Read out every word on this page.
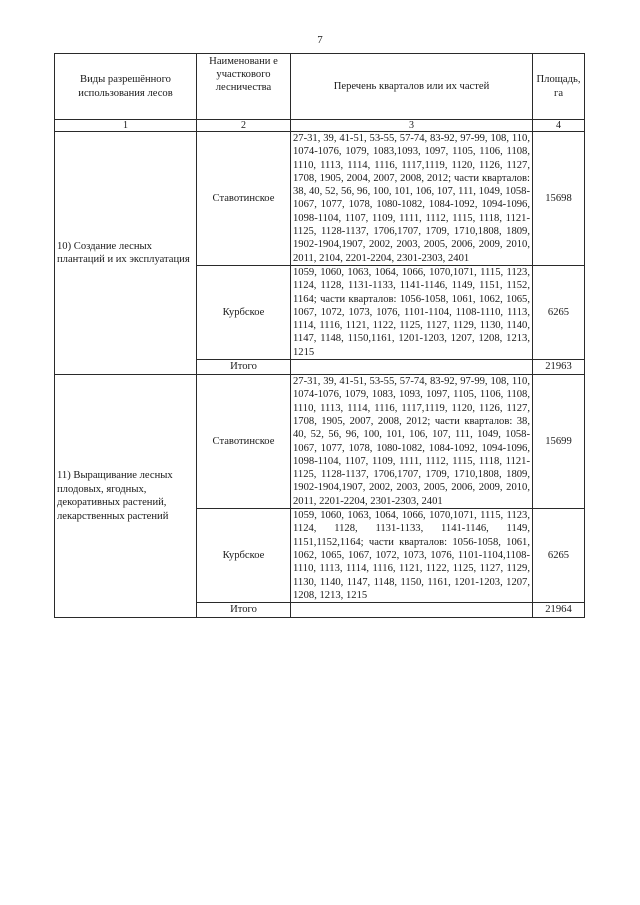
7
Виды разрешённого использования лесов	Наименовани е участкового лесничества	Перечень кварталов или их частей	Площадь, га
1	2	3	4
10) Создание лесных плантаций и их эксплуатация	Ставотинское	27-31, 39, 41-51, 53-55, 57-74, 83-92, 97-99, 108, 110, 1074-1076, 1079, 1083,1093, 1097, 1105, 1106, 1108, 1110, 1113, 1114, 1116, 1117,1119, 1120, 1126, 1127, 1708, 1905, 2004, 2007, 2008, 2012; части кварталов: 38, 40, 52, 56, 96, 100, 101, 106, 107, 111, 1049, 1058-1067, 1077, 1078, 1080-1082, 1084-1092, 1094-1096, 1098-1104, 1107, 1109, 1111, 1112, 1115, 1118, 1121-1125, 1128-1137, 1706,1707, 1709, 1710,1808, 1809, 1902-1904,1907, 2002, 2003, 2005, 2006, 2009, 2010, 2011, 2104, 2201-2204, 2301-2303, 2401	15698
	Курбское	1059, 1060, 1063, 1064, 1066, 1070,1071, 1115, 1123, 1124, 1128, 1131-1133, 1141-1146, 1149, 1151, 1152, 1164; части кварталов: 1056-1058, 1061, 1062, 1065, 1067, 1072, 1073, 1076, 1101-1104, 1108-1110, 1113, 1114, 1116, 1121, 1122, 1125, 1127, 1129, 1130, 1140, 1147, 1148, 1150,1161, 1201-1203, 1207, 1208, 1213, 1215	6265
	Итого		21963
11) Выращивание лесных плодовых, ягодных, декоративных растений, лекарственных растений	Ставотинское	27-31, 39, 41-51, 53-55, 57-74, 83-92, 97-99, 108, 110, 1074-1076, 1079, 1083, 1093, 1097, 1105, 1106, 1108, 1110, 1113, 1114, 1116, 1117,1119, 1120, 1126, 1127, 1708, 1905, 2007, 2008, 2012; части кварталов: 38, 40, 52, 56, 96, 100, 101, 106, 107, 111, 1049, 1058-1067, 1077, 1078, 1080-1082, 1084-1092, 1094-1096, 1098-1104, 1107, 1109, 1111, 1112, 1115, 1118, 1121-1125, 1128-1137, 1706,1707, 1709, 1710,1808, 1809, 1902-1904,1907, 2002, 2003, 2005, 2006, 2009, 2010, 2011, 2201-2204, 2301-2303, 2401	15699
	Курбское	1059, 1060, 1063, 1064, 1066, 1070,1071, 1115, 1123, 1124, 1128, 1131-1133, 1141-1146, 1149, 1151,1152,1164; части кварталов: 1056-1058, 1061, 1062, 1065, 1067, 1072, 1073, 1076, 1101-1104,1108-1110, 1113, 1114, 1116, 1121, 1122, 1125, 1127, 1129, 1130, 1140, 1147, 1148, 1150, 1161, 1201-1203, 1207, 1208, 1213, 1215	6265
	Итого		21964
